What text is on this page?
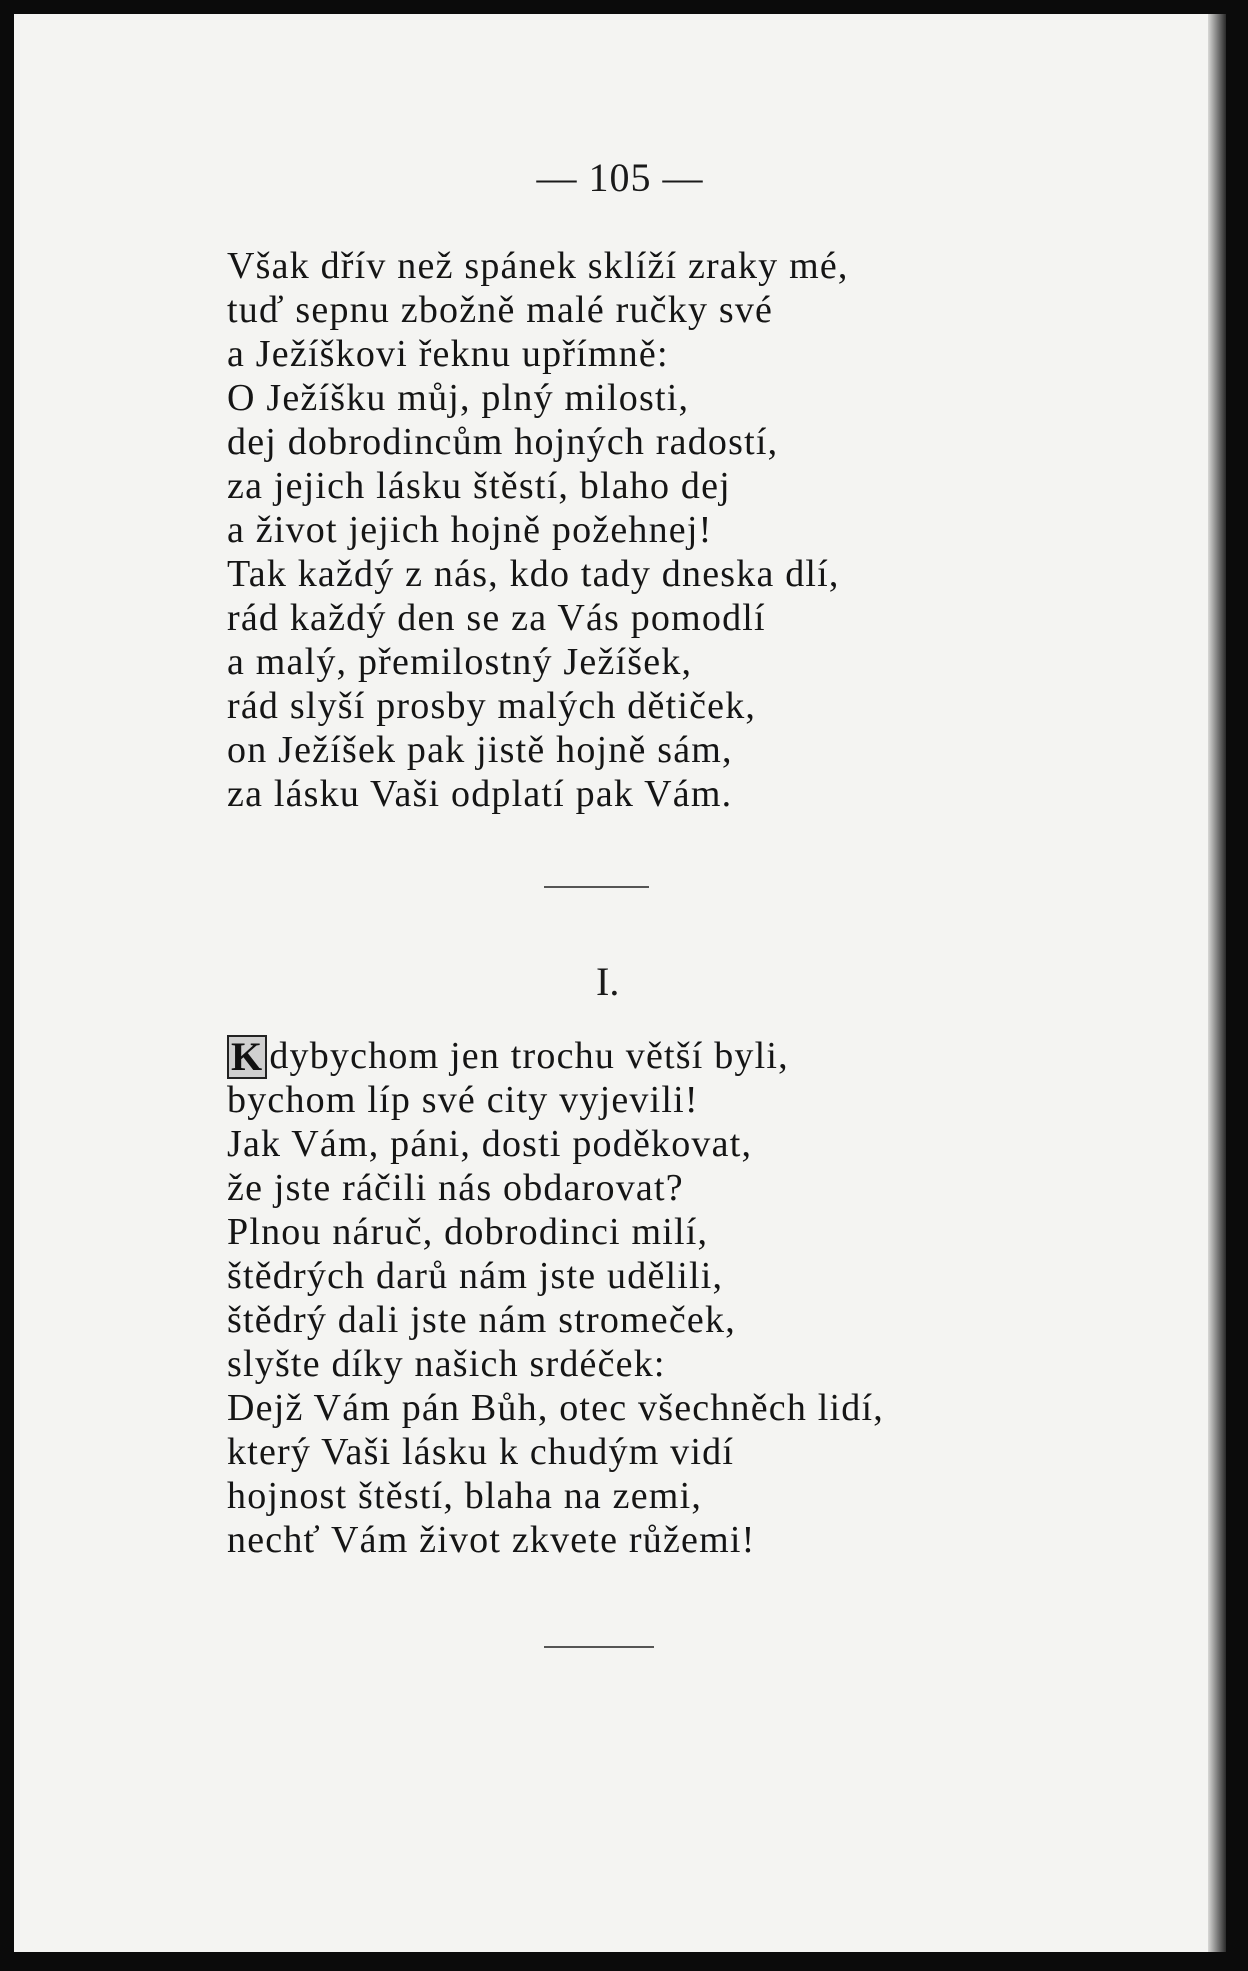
— 105 —
Však dřív než spánek sklíží zraky mé,
tuď sepnu zbožně malé ručky své
a Ježíškovi řeknu upřímně:
O Ježíšku můj, plný milosti,
dej dobrodincům hojných radostí,
za jejich lásku štěstí, blaho dej
a život jejich hojně požehnej!
Tak každý z nás, kdo tady dneska dlí,
rád každý den se za Vás pomodlí
a malý, přemilostný Ježíšek,
rád slyší prosby malých dětiček,
on Ježíšek pak jistě hojně sám,
za lásku Vaši odplatí pak Vám.
I.
K dybychom jen trochu větší byli,
bychom líp své city vyjevili!
Jak Vám, páni, dosti poděkovat,
že jste ráčili nás obdarovat?
Plnou náruč, dobrodinci milí,
štědrých darů nám jste udělili,
štědrý dali jste nám stromeček,
slyšte díky našich srdéček:
Dejž Vám pán Bůh, otec všechněch lidí,
který Vaši lásku k chudým vidí
hojnost štěstí, blaha na zemi,
nechť Vám život zkvete růžemi!
